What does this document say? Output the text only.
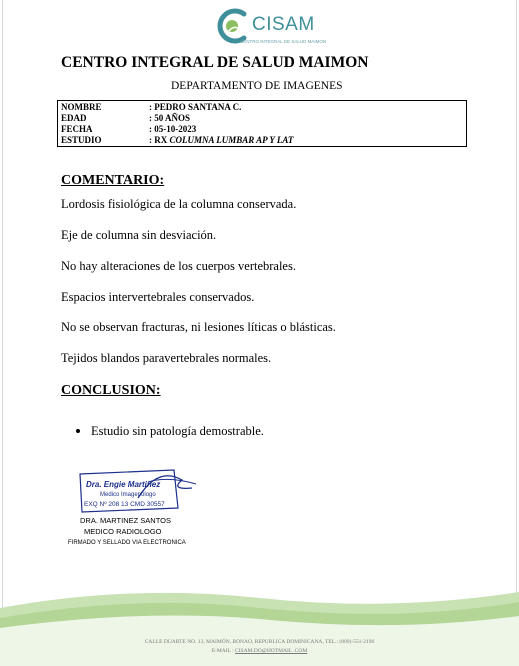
CISAM
CENTRO INTEGRAL DE SALUD MAIMON
CENTRO INTEGRAL DE SALUD MAIMON
DEPARTAMENTO DE IMAGENES
NOMBRE	: PEDRO SANTANA C.
EDAD	: 50 AÑOS
FECHA	: 05-10-2023
ESTUDIO	: RX COLUMNA LUMBAR AP Y LAT
COMENTARIO:
Lordosis fisiológica de la columna conservada.
Eje de columna sin desviación.
No hay alteraciones de los cuerpos vertebrales.
Espacios intervertebrales conservados.
No se observan fracturas, ni lesiones líticas o blásticas.
Tejidos blandos paravertebrales normales.
CONCLUSION:
Estudio sin patología demostrable.
Dra. Engie Martinez
Medico Imagenólogo
EXQ Nº 208 13 CMD 30557
DRA. MARTINEZ SANTOS
MEDICO RADIOLOGO
FIRMADO Y SELLADO VIA ELECTRONICA
CALLE DUARTE NO. 13, MAIMÓN, BONAO, REPUBLICA DOMINICANA, TEL.: (809)-551-2196
E-MAIL : CISAM.DO@HOTMAIL .COM
